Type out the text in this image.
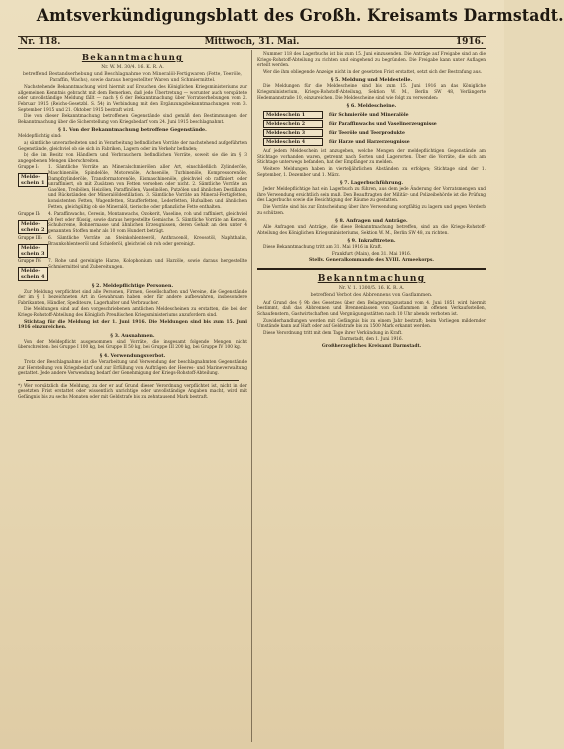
Amtsverkündigungsblatt des Großh. Kreisamts Darmstadt.
Nr. 118.	Mittwoch, 31. Mai.	1916.
Bekanntmachung
Nr. W. M. 30/4. 16. K. R. A.
betreffend Bestandserhebung und Beschlagnahme von Mineralöl-Fertigwaren (Fette, Teeröle, Paraffin, Wachs), sowie daraus hergestellter Waren und Schmiermittel.

Nachstehende Bekanntmachung wird hiermit auf Ersuchen des Königlichen Kriegsministeriums zur allgemeinen Kenntnis gebracht mit dem Bemerken, daß jede Übertretung — worunter auch verspätete oder unvollständige Meldung fällt — nach § 6 der Bekanntmachung über Vorratserhebungen vom 2. Februar 1915 (Reichs-Gesetzbl. S. 54) in Verbindung mit den Ergänzungsbekanntmachungen vom 3. September 1915 und 21. Oktober 1915 bestraft wird.

Die von dieser Bekanntmachung betroffenen Gegenstände sind gemäß den Bestimmungen der Bekanntmachung über die Sicherstellung von Kriegsbedarf vom 24. Juni 1915 beschlagnahmt.

§ 1. Von der Bekanntmachung betroffene Gegenstände.

Meldepflichtig sind:

a) sämtliche unverarbeiteten und in Verarbeitung befindlichen Vorräte der nachstehend aufgeführten Gegenstände, gleichviel ob sie sich in Fabriken, Lagern oder im Verkehr befinden;

b) die im Besitz von Händlern und Verbrauchern befindlichen Vorräte, soweit sie die im § 3 angegebenen Mengen überschreiten.

Gruppe I:
Melde-schein 1

1. Sämtliche Vorräte an Mineralschmierölen aller Art, einschließlich Zylinderöle, Maschinenöle, Spindelöle, Motorenöle, Achsenöle, Turbinenöle, Kompressorenöle, Dampfzylinderöle, Transformatorenöle, Eismaschinenöle, gleichviel ob raffiniert oder unraffiniert, ob mit Zusätzen von Fetten versehen oder nicht. 2. Sämtliche Vorräte an Gasölen, Treibölen, Heizölen, Paraffinölen, Vaselinölen, Putzölen und ähnlichen Destillaten und Rückständen der Mineralöldestillation. 3. Sämtliche Vorräte an Mineral-Fertigfetten, konsistenten Fetten, Wagenfetten, Staufferfetten, Lederfetten, Hufsalben und ähnlichen Fetten, gleichgültig ob sie Mineralöl, tierische oder pflanzliche Fette enthalten.

Gruppe II:
Melde-schein 2

4. Paraffinwachs, Ceresin, Montanwachs, Ozokerit, Vaseline, roh und raffiniert, gleichviel ob fest oder flüssig, sowie daraus hergestellte Gemische. 5. Sämtliche Vorräte an Kerzen, Schuhcreme, Bohnermasse und ähnlichen Erzeugnissen, deren Gehalt an den unter 4 genannten Stoffen mehr als 10 vom Hundert beträgt.

Gruppe III:
Melde-schein 3

6. Sämtliche Vorräte an Steinkohlenteeröl, Anthracenöl, Kreosotöl, Naphthalin, Braunkohlenteeröl und Schieferöl, gleichviel ob roh oder gereinigt.

Gruppe IV:
Melde-schein 4

7. Rohe und gereinigte Harze, Kolophonium und Harzöle, sowie daraus hergestellte Schmiermittel und Zubereitungen.

§ 2. Meldepflichtige Personen.

Zur Meldung verpflichtet sind alle Personen, Firmen, Gesellschaften und Vereine, die Gegenstände der im § 1 bezeichneten Art in Gewahrsam haben oder für andere aufbewahren, insbesondere Fabrikanten, Händler, Spediteure, Lagerhalter und Verbraucher.

Die Meldungen sind auf den vorgeschriebenen amtlichen Meldescheinen zu erstatten, die bei der Kriegs-Rohstoff-Abteilung des Königlich Preußischen Kriegsministeriums anzufordern sind.

Stichtag für die Meldung ist der 1. Juni 1916. Die Meldungen sind bis zum 15. Juni 1916 einzureichen.

§ 3. Ausnahmen.

Von der Meldepflicht ausgenommen sind Vorräte, die insgesamt folgende Mengen nicht überschreiten: bei Gruppe I 100 kg, bei Gruppe II 50 kg, bei Gruppe III 200 kg, bei Gruppe IV 100 kg.

§ 4. Verwendungsverbot.

Trotz der Beschlagnahme ist die Verarbeitung und Verwendung der beschlagnahmten Gegenstände zur Herstellung von Kriegsbedarf und zur Erfüllung von Aufträgen der Heeres- und Marineverwaltung gestattet. Jede andere Verwendung bedarf der Genehmigung der Kriegs-Rohstoff-Abteilung.

*) Wer vorsätzlich die Meldung, zu der er auf Grund dieser Verordnung verpflichtet ist, nicht in der gesetzten Frist erstattet oder wissentlich unrichtige oder unvollständige Angaben macht, wird mit Gefängnis bis zu sechs Monaten oder mit Geldstrafe bis zu zehntausend Mark bestraft.

Nummer 118 des Lagerbuchs ist bis zum 15. Juni einzusenden. Die Anträge auf Freigabe sind an die Kriegs-Rohstoff-Abteilung zu richten und eingehend zu begründen. Die Freigabe kann unter Auflagen erteilt werden.

Wer die ihm obliegende Anzeige nicht in der gesetzten Frist erstattet, setzt sich der Bestrafung aus.

§ 5. Meldung und Meldestelle.

Die Meldungen für die Meldescheine sind bis zum 15. Juni 1916 an das Königliche Kriegsministerium, Kriegs-Rohstoff-Abteilung, Sektion W. M., Berlin SW 48, Verlängerte Hedemannstraße 10, einzureichen. Die Meldescheine sind wie folgt zu verwenden:

§ 6. Meldescheine.
Meldeschein 1	für Schmieröle und Mineralöle
Meldeschein 2	für Paraffinwachs und Vaselinerzeugnisse
Meldeschein 3	für Teeröle und Teerprodukte
Meldeschein 4	für Harze und Harzerzeugnisse

Auf jedem Meldeschein ist anzugeben, welche Mengen der meldepflichtigen Gegenstände am Stichtage vorhanden waren, getrennt nach Sorten und Lagerorten. Über die Vorräte, die sich am Stichtage unterwegs befanden, hat der Empfänger zu melden.

Weitere Meldungen haben in vierteljährlichen Abständen zu erfolgen; Stichtage sind der 1. September, 1. Dezember und 1. März.

§ 7. Lagerbuchführung.

Jeder Meldepflichtige hat ein Lagerbuch zu führen, aus dem jede Änderung der Vorratsmengen und ihre Verwendung ersichtlich sein muß. Den Beauftragten der Militär- und Polizeibehörde ist die Prüfung des Lagerbuchs sowie die Besichtigung der Räume zu gestatten.

Die Vorräte sind bis zur Entscheidung über ihre Verwendung sorgfältig zu lagern und gegen Verderb zu schützen.

§ 8. Anfragen und Anträge.

Alle Anfragen und Anträge, die diese Bekanntmachung betreffen, sind an die Kriegs-Rohstoff-Abteilung des Königlichen Kriegsministeriums, Sektion W. M., Berlin SW 48, zu richten.

§ 9. Inkrafttreten.

Diese Bekanntmachung tritt am 31. Mai 1916 in Kraft.

Frankfurt (Main), den 31. Mai 1916.

Stellv. Generalkommando des XVIII. Armeekorps.

Bekanntmachung
Nr. V. 1. 1300/5. 16. K. R. A.
betreffend Verbot des Abbrennens von Gasflammen.

Auf Grund des § 9b des Gesetzes über den Belagerungszustand vom 4. Juni 1851 wird hiermit bestimmt, daß das Abbrennen und Brennenlassen von Gasflammen in offenen Verkaufsstellen, Schaufenstern, Gastwirtschaften und Vergnügungsstätten nach 10 Uhr abends verboten ist.

Zuwiderhandlungen werden mit Gefängnis bis zu einem Jahr bestraft; beim Vorliegen mildernder Umstände kann auf Haft oder auf Geldstrafe bis zu 1500 Mark erkannt werden.

Diese Verordnung tritt mit dem Tage ihrer Verkündung in Kraft.

Darmstadt, den 1. Juni 1916.

Großherzogliches Kreisamt Darmstadt.
